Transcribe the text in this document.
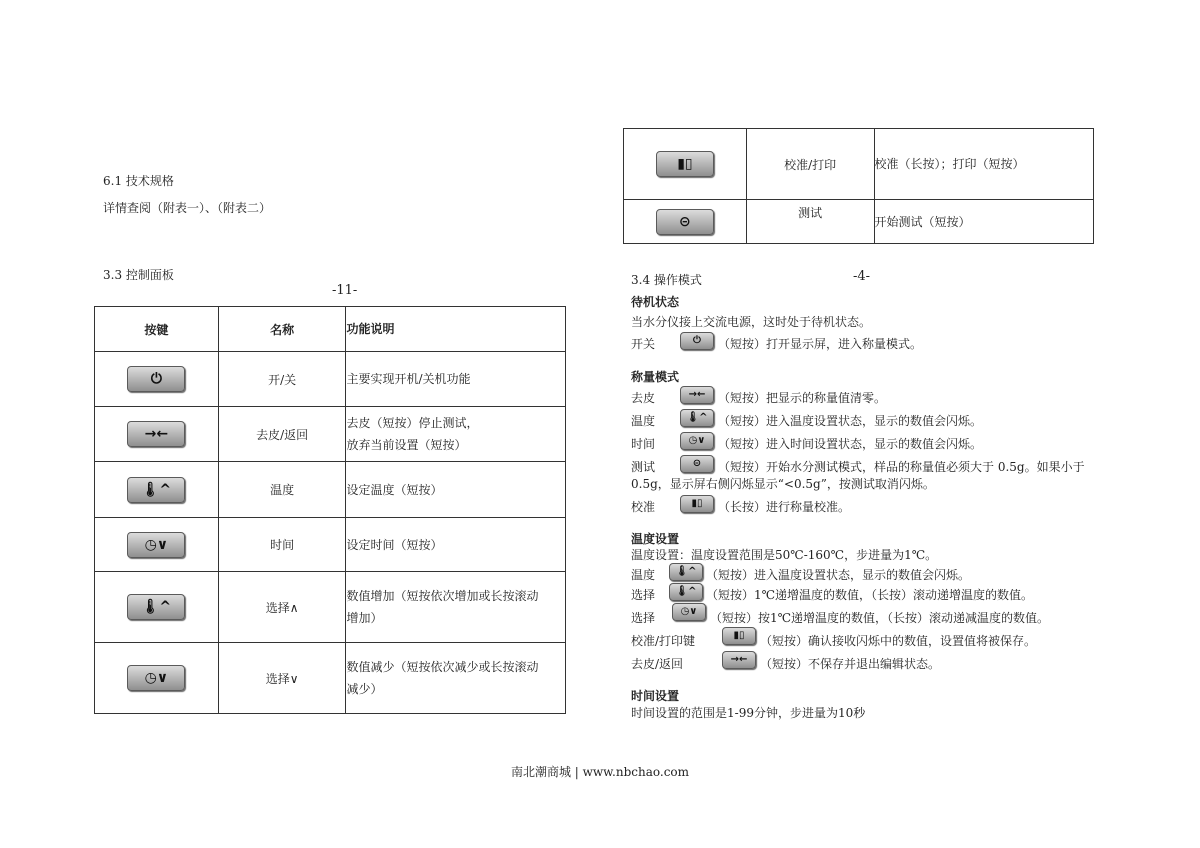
6.1 技术规格
详情查阅（附表一）、（附表二）
3.3 控制面板
-11-
按键	名称	功能说明
⏻	开/关	主要实现开机/关机功能
→←	去皮/返回	去皮（短按）停止测试，
放弃当前设置（短按）

🌡︎^	温度	设定温度（短按）
◷∨	时间	设定时间（短按）
🌡︎^	选择∧	数值增加（短按依次增加或长按滚动
增加）

◷∨	选择∨	数值减少（短按依次减少或长按滚动
减少）
▮▯	校准/打印	校准（长按）；打印（短按）
⊝	测试	开始测试（短按）
3.4 操作模式	-4-
待机状态
当水分仪接上交流电源，这时处于待机状态。
开关	⏻	（短按）打开显示屏，进入称量模式。
称量模式
去皮	→←	（短按）把显示的称量值清零。
温度	🌡︎^ （短按）进入温度设置状态，显示的数值会闪烁。
时间	◷∨	（短按）进入时间设置状态，显示的数值会闪烁。
测试	⊝	（短按）开始水分测试模式，样品的称量值必须大于 0.5g。如果小于
0.5g，显示屏右侧闪烁显示“<0.5g”，按测试取消闪烁。
校准	▮▯	（长按）进行称量校准。
温度设置
温度设置：温度设置范围是50℃-160℃，步进量为1℃。
温度	🌡︎^ （短按）进入温度设置状态，显示的数值会闪烁。
选择	🌡︎^ （短按）1℃递增温度的数值，（长按）滚动递增温度的数值。
选择	◷∨	（短按）按1℃递增温度的数值，（长按）滚动递减温度的数值。
校准/打印键	▮▯	（短按）确认接收闪烁中的数值，设置值将被保存。
去皮/返回	→←	（短按）不保存并退出编辑状态。
时间设置
时间设置的范围是1-99分钟，步进量为10秒
南北潮商城 | www.nbchao.com
